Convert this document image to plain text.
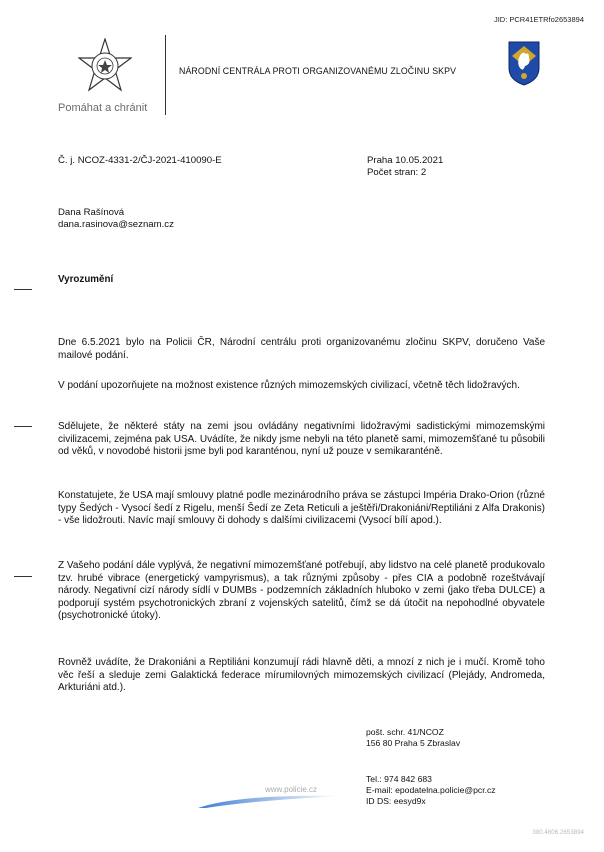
JID: PCR41ETRfo2653894
Pomáhat a chránit
NÁRODNÍ CENTRÁLA PROTI ORGANIZOVANÉMU ZLOČINU SKPV
Č. j. NCOZ-4331-2/ČJ-2021-410090-E	Praha 10.05.2021
Počet stran: 2
Dana Rašínová
dana.rasinova@seznam.cz
Vyrozumění
Dne 6.5.2021 bylo na Policii ČR, Národní centrálu proti organizovanému zločinu SKPV, doručeno Vaše mailové podání.
V podání upozorňujete na možnost existence různých mimozemských civilizací, včetně těch lidožravých.
Sdělujete, že některé státy na zemi jsou ovládány negativními lidožravými sadistickými mimozemskými civilizacemi, zejména pak USA. Uvádíte, že nikdy jsme nebyli na této planetě sami, mimozemšťané tu působili od věků, v novodobé historii jsme byli pod karanténou, nyní už pouze v semikaranténě.
Konstatujete, že USA mají smlouvy platné podle mezinárodního práva se zástupci Impéria Drako-Orion (různé typy Šedých - Vysocí šedí z Rigelu, menší Šedí ze Zeta Reticuli a ještěři/Drakoniáni/Reptiliáni z Alfa Drakonis) - vše lidožrouti. Navíc mají smlouvy či dohody s dalšími civilizacemi (Vysocí bílí apod.).
Z Vašeho podání dále vyplývá, že negativní mimozemšťané potřebují, aby lidstvo na celé planetě produkovalo tzv. hrubé vibrace (energetický vampyrismus), a tak různými způsoby - přes CIA a podobně rozeštvávají národy. Negativní cizí národy sídlí v DUMBs - podzemních základních hluboko v zemi (jako třeba DULCE) a podporují systém psychotronických zbraní z vojenských satelitů, čímž se dá útočit na nepohodlné obyvatele (psychotronické útoky).
Rovněž uvádíte, že Drakoniáni a Reptiliáni konzumují rádi hlavně děti, a mnozí z nich je i mučí. Kromě toho věc řeší a sleduje zemi Galaktická federace mírumilovných mimozemských civilizací (Plejády, Andromeda, Arkturiáni atd.).
pošt. schr. 41/NCOZ
156 80 Praha 5 Zbraslav
Tel.: 974 842 683
E-mail: epodatelna.policie@pcr.cz
ID DS: eesyd9x
www.policie.cz
380.4606.2653894
